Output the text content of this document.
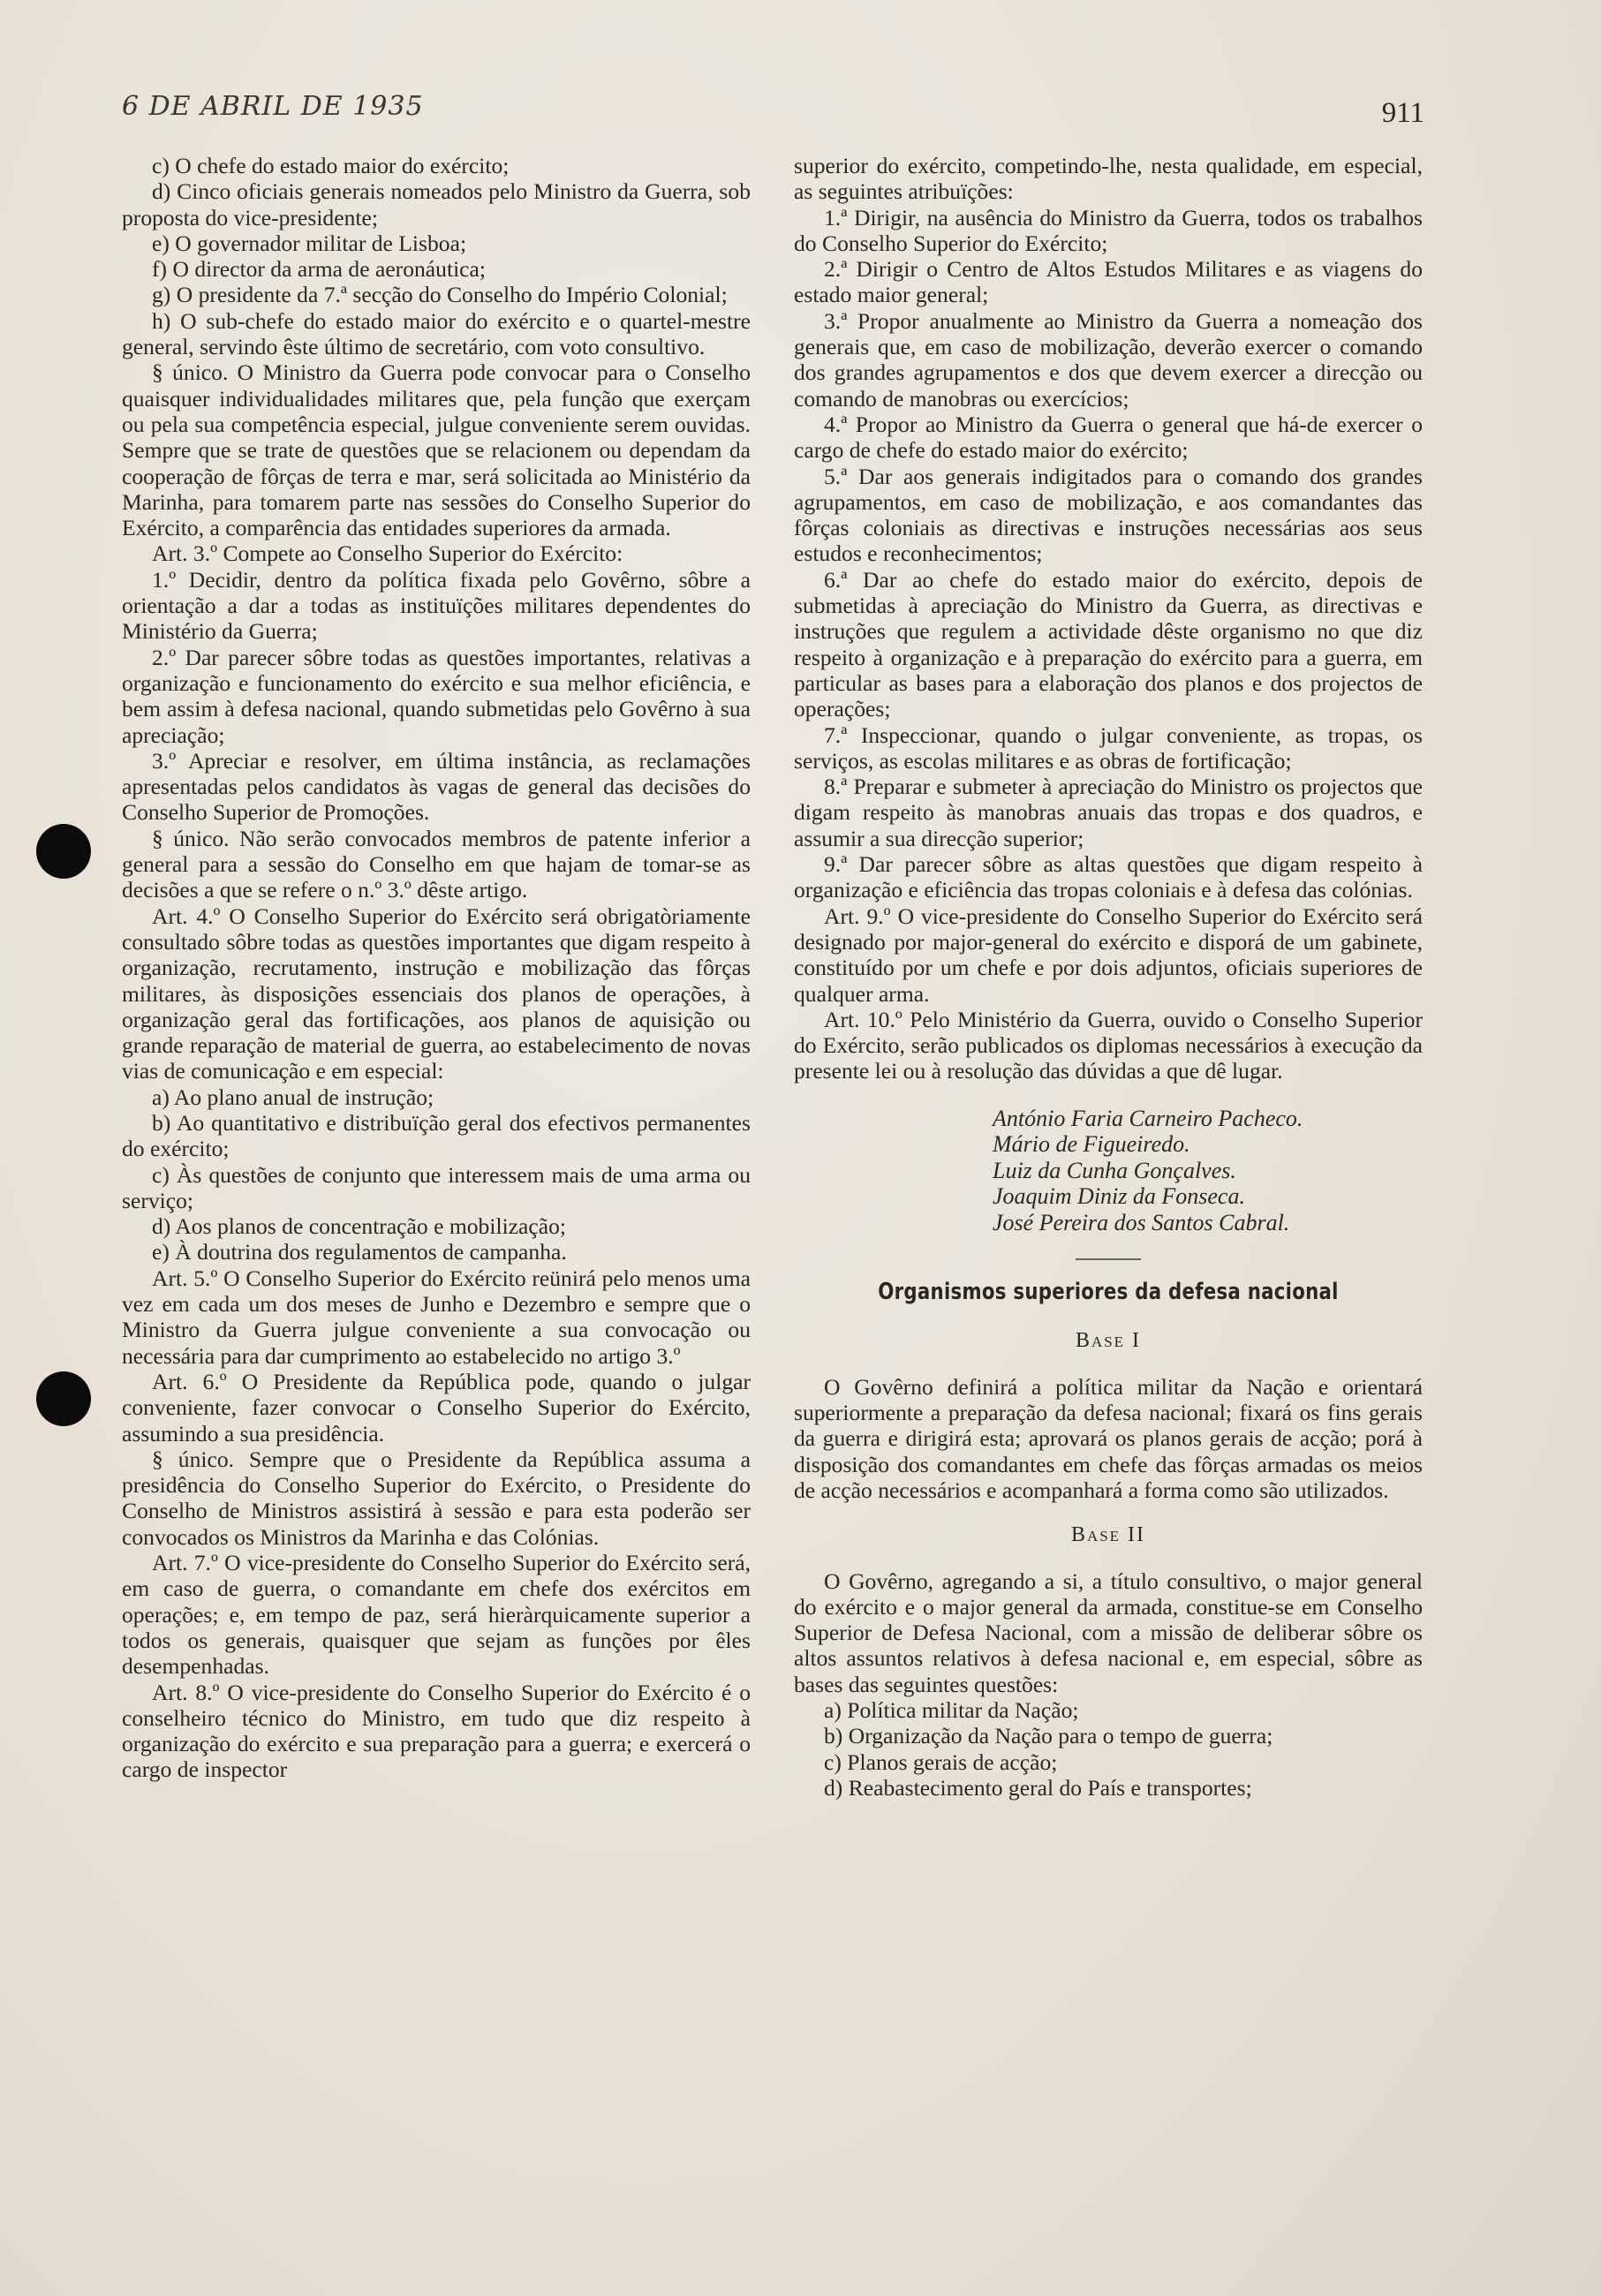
6 DE ABRIL DE 1935	911

c) O chefe do estado maior do exército;

d) Cinco oficiais generais nomeados pelo Ministro da Guerra, sob proposta do vice-presidente;

e) O governador militar de Lisboa;

f) O director da arma de aeronáutica;

g) O presidente da 7.ª secção do Conselho do Império Colonial;

h) O sub-chefe do estado maior do exército e o quartel-mestre general, servindo êste último de secretário, com voto consultivo.

§ único. O Ministro da Guerra pode convocar para o Conselho quaisquer individualidades militares que, pela função que exerçam ou pela sua competência especial, julgue conveniente serem ouvidas. Sempre que se trate de questões que se relacionem ou dependam da cooperação de fôrças de terra e mar, será solicitada ao Ministério da Marinha, para tomarem parte nas sessões do Conselho Superior do Exército, a comparência das entidades superiores da armada.

Art. 3.º Compete ao Conselho Superior do Exército:

1.º Decidir, dentro da política fixada pelo Govêrno, sôbre a orientação a dar a todas as instituïções militares dependentes do Ministério da Guerra;

2.º Dar parecer sôbre todas as questões importantes, relativas a organização e funcionamento do exército e sua melhor eficiência, e bem assim à defesa nacional, quando submetidas pelo Govêrno à sua apreciação;

3.º Apreciar e resolver, em última instância, as reclamações apresentadas pelos candidatos às vagas de general das decisões do Conselho Superior de Promoções.

§ único. Não serão convocados membros de patente inferior a general para a sessão do Conselho em que hajam de tomar-se as decisões a que se refere o n.º 3.º dêste artigo.

Art. 4.º O Conselho Superior do Exército será obrigatòriamente consultado sôbre todas as questões importantes que digam respeito à organização, recrutamento, instrução e mobilização das fôrças militares, às disposições essenciais dos planos de operações, à organização geral das fortificações, aos planos de aquisição ou grande reparação de material de guerra, ao estabelecimento de novas vias de comunicação e em especial:

a) Ao plano anual de instrução;

b) Ao quantitativo e distribuïção geral dos efectivos permanentes do exército;

c) Às questões de conjunto que interessem mais de uma arma ou serviço;

d) Aos planos de concentração e mobilização;

e) À doutrina dos regulamentos de campanha.

Art. 5.º O Conselho Superior do Exército reünirá pelo menos uma vez em cada um dos meses de Junho e Dezembro e sempre que o Ministro da Guerra julgue conveniente a sua convocação ou necessária para dar cumprimento ao estabelecido no artigo 3.º

Art. 6.º O Presidente da República pode, quando o julgar conveniente, fazer convocar o Conselho Superior do Exército, assumindo a sua presidência.

§ único. Sempre que o Presidente da República assuma a presidência do Conselho Superior do Exército, o Presidente do Conselho de Ministros assistirá à sessão e para esta poderão ser convocados os Ministros da Marinha e das Colónias.

Art. 7.º O vice-presidente do Conselho Superior do Exército será, em caso de guerra, o comandante em chefe dos exércitos em operações; e, em tempo de paz, será hieràrquicamente superior a todos os generais, quaisquer que sejam as funções por êles desempenhadas.

Art. 8.º O vice-presidente do Conselho Superior do Exército é o conselheiro técnico do Ministro, em tudo que diz respeito à organização do exército e sua preparação para a guerra; e exercerá o cargo de inspector

superior do exército, competindo-lhe, nesta qualidade, em especial, as seguintes atribuïções:

1.ª Dirigir, na ausência do Ministro da Guerra, todos os trabalhos do Conselho Superior do Exército;

2.ª Dirigir o Centro de Altos Estudos Militares e as viagens do estado maior general;

3.ª Propor anualmente ao Ministro da Guerra a nomeação dos generais que, em caso de mobilização, deverão exercer o comando dos grandes agrupamentos e dos que devem exercer a direcção ou comando de manobras ou exercícios;

4.ª Propor ao Ministro da Guerra o general que há-de exercer o cargo de chefe do estado maior do exército;

5.ª Dar aos generais indigitados para o comando dos grandes agrupamentos, em caso de mobilização, e aos comandantes das fôrças coloniais as directivas e instruções necessárias aos seus estudos e reconhecimentos;

6.ª Dar ao chefe do estado maior do exército, depois de submetidas à apreciação do Ministro da Guerra, as directivas e instruções que regulem a actividade dêste organismo no que diz respeito à organização e à preparação do exército para a guerra, em particular as bases para a elaboração dos planos e dos projectos de operações;

7.ª Inspeccionar, quando o julgar conveniente, as tropas, os serviços, as escolas militares e as obras de fortificação;

8.ª Preparar e submeter à apreciação do Ministro os projectos que digam respeito às manobras anuais das tropas e dos quadros, e assumir a sua direcção superior;

9.ª Dar parecer sôbre as altas questões que digam respeito à organização e eficiência das tropas coloniais e à defesa das colónias.

Art. 9.º O vice-presidente do Conselho Superior do Exército será designado por major-general do exército e disporá de um gabinete, constituído por um chefe e por dois adjuntos, oficiais superiores de qualquer arma.

Art. 10.º Pelo Ministério da Guerra, ouvido o Conselho Superior do Exército, serão publicados os diplomas necessários à execução da presente lei ou à resolução das dúvidas a que dê lugar.

António Faria Carneiro Pacheco.
Mário de Figueiredo.
Luiz da Cunha Gonçalves.
Joaquim Diniz da Fonseca.
José Pereira dos Santos Cabral.
Organismos superiores da defesa nacional
Base I

O Govêrno definirá a política militar da Nação e orientará superiormente a preparação da defesa nacional; fixará os fins gerais da guerra e dirigirá esta; aprovará os planos gerais de acção; porá à disposição dos comandantes em chefe das fôrças armadas os meios de acção necessários e acompanhará a forma como são utilizados.

Base II

O Govêrno, agregando a si, a título consultivo, o major general do exército e o major general da armada, constitue-se em Conselho Superior de Defesa Nacional, com a missão de deliberar sôbre os altos assuntos relativos à defesa nacional e, em especial, sôbre as bases das seguintes questões:

a) Política militar da Nação;

b) Organização da Nação para o tempo de guerra;

c) Planos gerais de acção;

d) Reabastecimento geral do País e transportes;
